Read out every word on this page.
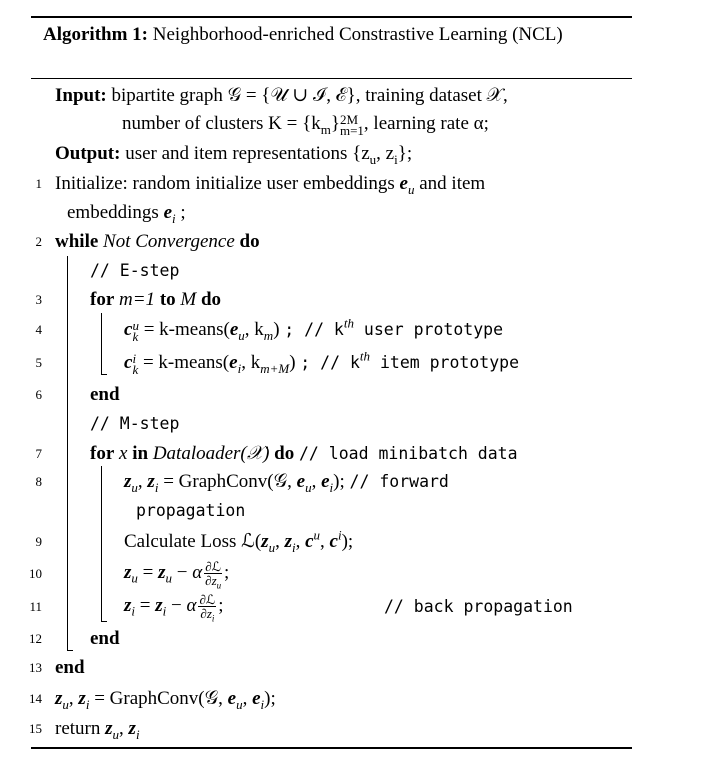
Algorithm 1: Neighborhood-enriched Constrastive Learning (NCL)
Input: bipartite graph 𝒢 = {𝒰 ∪ ℐ, ℰ}, training dataset 𝒳,
number of clusters $K = \{k_m\}$ 2M
m=1 , learning rate α;
Output: user and item representations {$z_u$, $z_i$};
1 Initialize: random initialize user embeddings $e_u$ and item
embeddings $e_i$ ;
2 while Not Convergence do
// E-step
3	for m=1 to M do
4	c u
$k = k-means(e_u$, $k_m$) ; // $k^{th}$ user prototype
5	c i
$k = k-means(e_i$, $k_{m+M}$) ; // $k^{th}$ item prototype
6	end
// M-step
7	for x in Dataloader(𝒳) do // load minibatch data
8	$z_u$, $z_i$ = GraphConv(𝒢, $e_u$, $e_i$); // forward
propagation
9	Calculate Loss $ℒ(z_u$, $z_i$, $c^u$, $c^i$);
10	$z_u = z_u - \alpha \frac{\text{∂ℒ}}{\partial z_u}$ ;
11	$z_i = z_i - \alpha \frac{\text{∂ℒ}}{\partial z_i}$ ;	// back propagation
12	end
13 end
14 $z_u$, $z_i$ = GraphConv(𝒢, $e_u$, $e_i$);
15 return $z_u$, $z_i$
